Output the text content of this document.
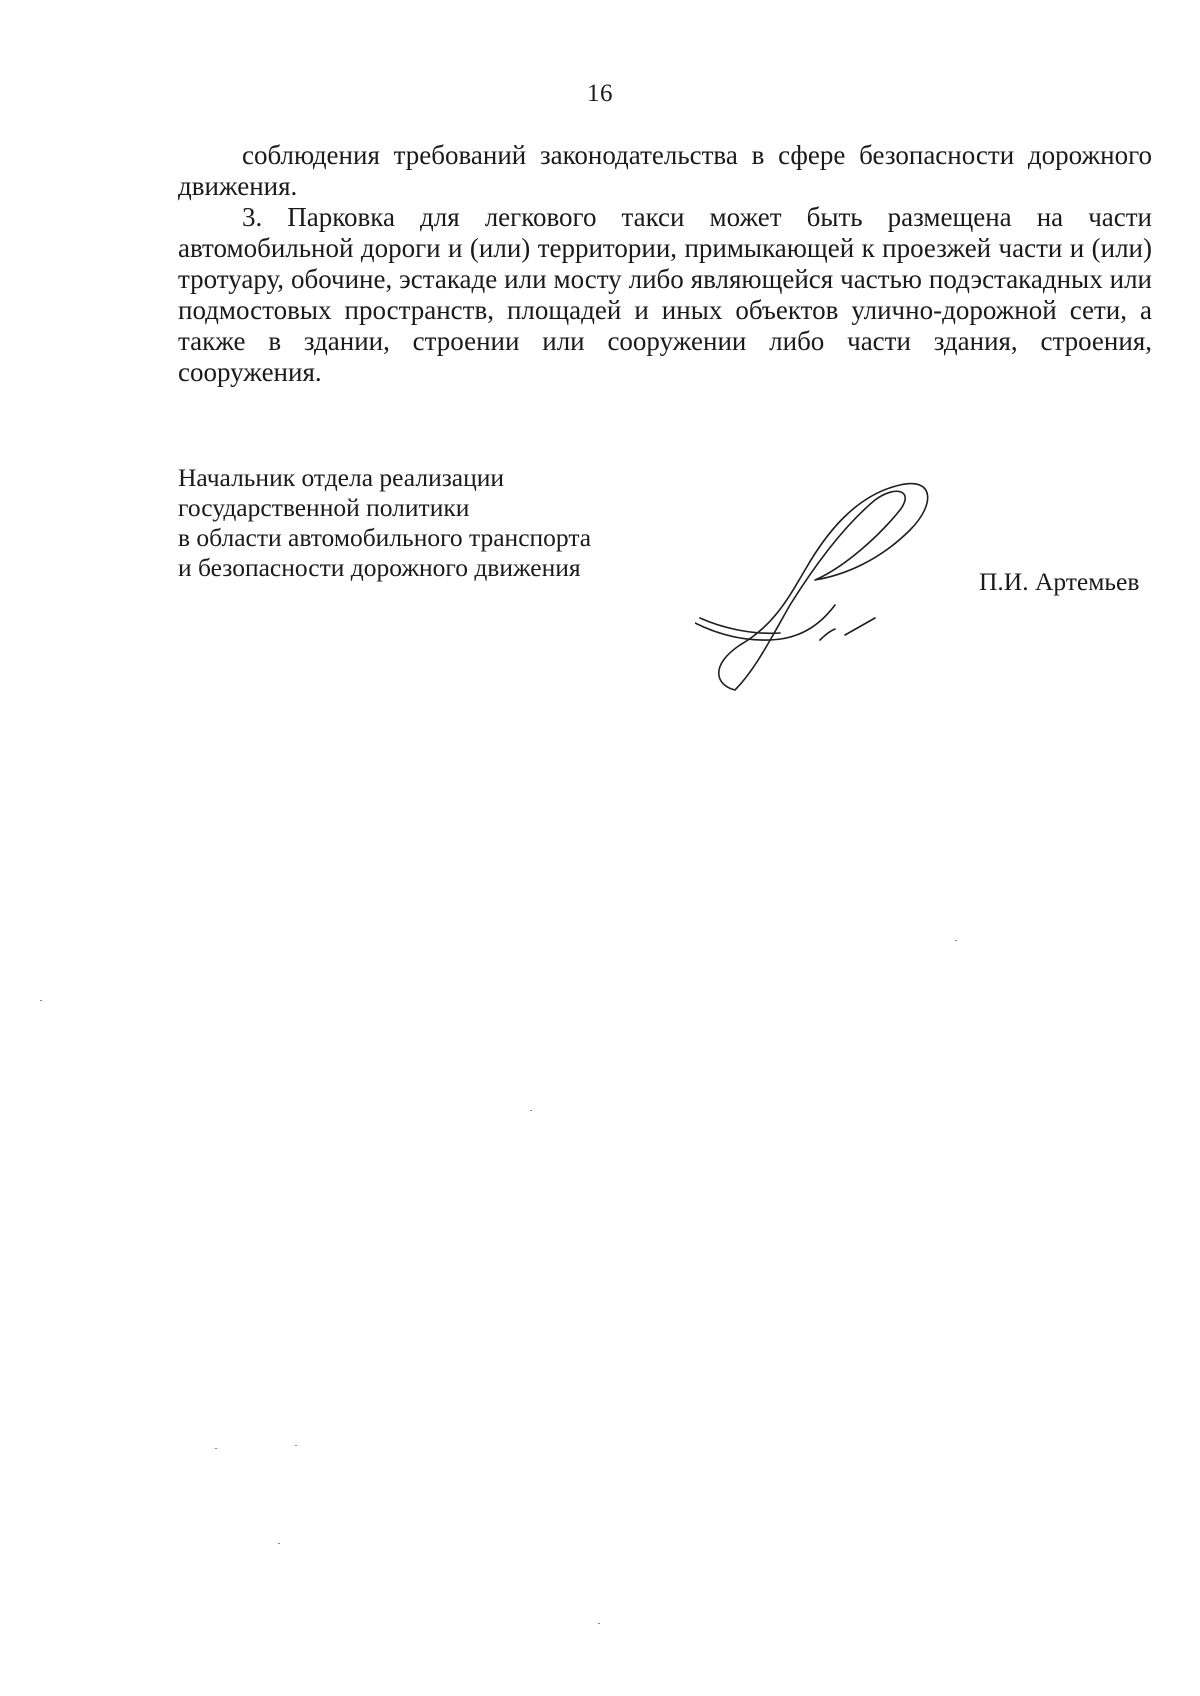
16

соблюдения требований законодательства в сфере безопасности дорожного движения.

3. Парковка для легкового такси может быть размещена на части автомобильной дороги и (или) территории, примыкающей к проезжей части и (или) тротуару, обочине, эстакаде или мосту либо являющейся частью подэстакадных или подмостовых пространств, площадей и иных объектов улично-дорожной сети, а также в здании, строении или сооружении либо части здания, строения, сооружения.

Начальник отдела реализации
государственной политики
в области автомобильного транспорта
и безопасности дорожного движения	П.И. Артемьев
